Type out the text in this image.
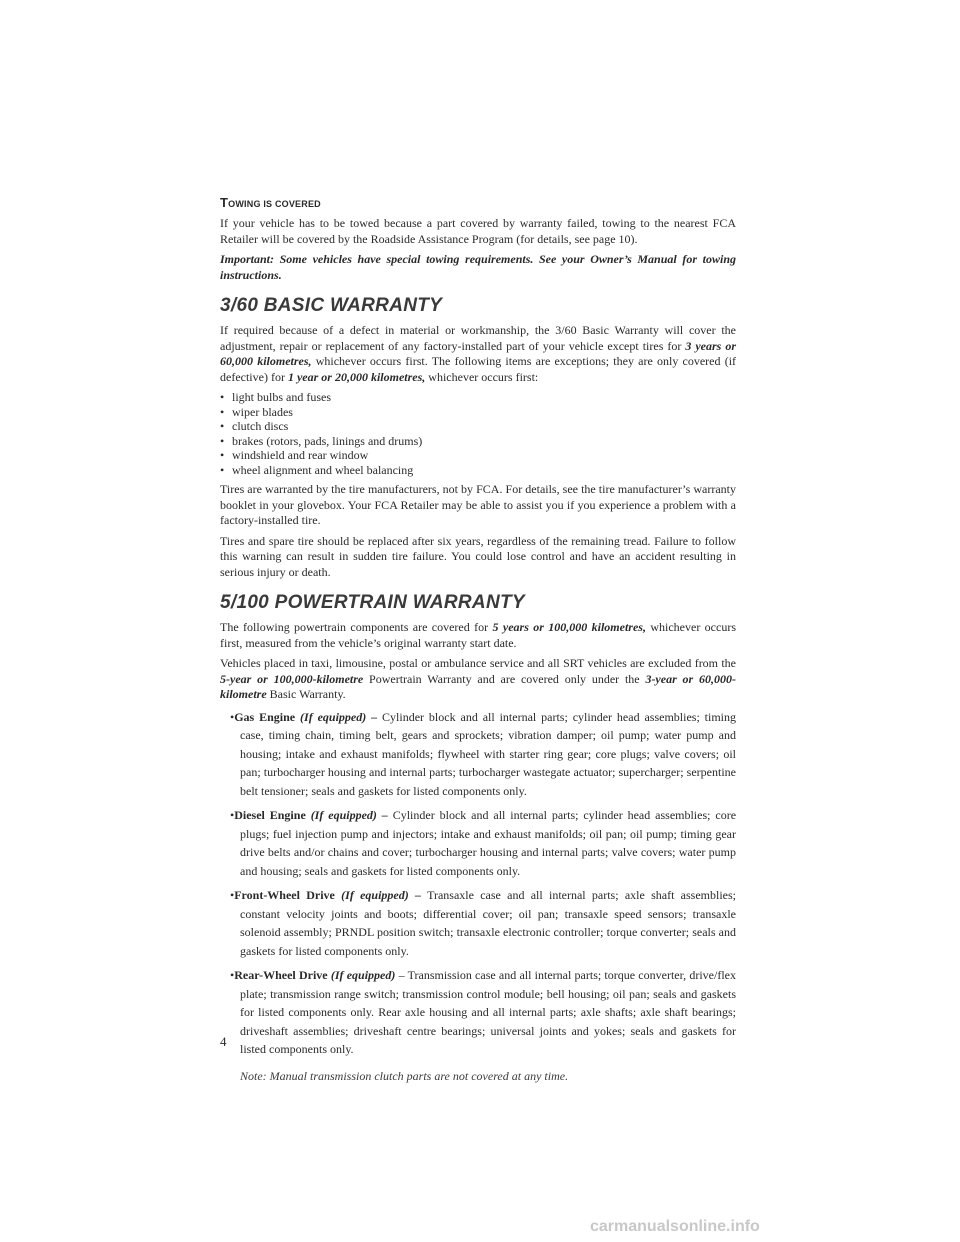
TOWING IS COVERED

If your vehicle has to be towed because a part covered by warranty failed, towing to the nearest FCA Retailer will be covered by the Roadside Assistance Program (for details, see page 10).

Important: Some vehicles have special towing requirements. See your Owner’s Manual for towing instructions.

3/60 BASIC WARRANTY

If required because of a defect in material or workmanship, the 3/60 Basic Warranty will cover the adjustment, repair or replacement of any factory-installed part of your vehicle except tires for 3 years or 60,000 kilometres, whichever occurs first. The following items are exceptions; they are only covered (if defective) for 1 year or 20,000 kilometres, whichever occurs first:

• light bulbs and fuses
• wiper blades
• clutch discs
• brakes (rotors, pads, linings and drums)
• windshield and rear window
• wheel alignment and wheel balancing

Tires are warranted by the tire manufacturers, not by FCA. For details, see the tire manufacturer’s warranty booklet in your glovebox. Your FCA Retailer may be able to assist you if you experience a problem with a factory-installed tire.

Tires and spare tire should be replaced after six years, regardless of the remaining tread. Failure to follow this warning can result in sudden tire failure. You could lose control and have an accident resulting in serious injury or death.

5/100 POWERTRAIN WARRANTY

The following powertrain components are covered for 5 years or 100,000 kilometres, whichever occurs first, measured from the vehicle’s original warranty start date.

Vehicles placed in taxi, limousine, postal or ambulance service and all SRT vehicles are excluded from the 5-year or 100,000-kilometre Powertrain Warranty and are covered only under the 3-year or 60,000-kilometre Basic Warranty.

•Gas Engine (If equipped) – Cylinder block and all internal parts; cylinder head assemblies; timing case, timing chain, timing belt, gears and sprockets; vibration damper; oil pump; water pump and housing; intake and exhaust manifolds; flywheel with starter ring gear; core plugs; valve covers; oil pan; turbocharger housing and internal parts; turbocharger wastegate actuator; supercharger; serpentine belt tensioner; seals and gaskets for listed components only.
•Diesel Engine (If equipped) – Cylinder block and all internal parts; cylinder head assemblies; core plugs; fuel injection pump and injectors; intake and exhaust manifolds; oil pan; oil pump; timing gear drive belts and/or chains and cover; turbocharger housing and internal parts; valve covers; water pump and housing; seals and gaskets for listed components only.
•Front-Wheel Drive (If equipped) – Transaxle case and all internal parts; axle shaft assemblies; constant velocity joints and boots; differential cover; oil pan; transaxle speed sensors; transaxle solenoid assembly; PRNDL position switch; transaxle electronic controller; torque converter; seals and gaskets for listed components only.
•Rear-Wheel Drive (If equipped) – Transmission case and all internal parts; torque converter, drive/flex plate; transmission range switch; transmission control module; bell housing; oil pan; seals and gaskets for listed components only. Rear axle housing and all internal parts; axle shafts; axle shaft bearings; driveshaft assemblies; driveshaft centre bearings; universal joints and yokes; seals and gaskets for listed components only.
Note: Manual transmission clutch parts are not covered at any time.
4
carmanualsonline.info
